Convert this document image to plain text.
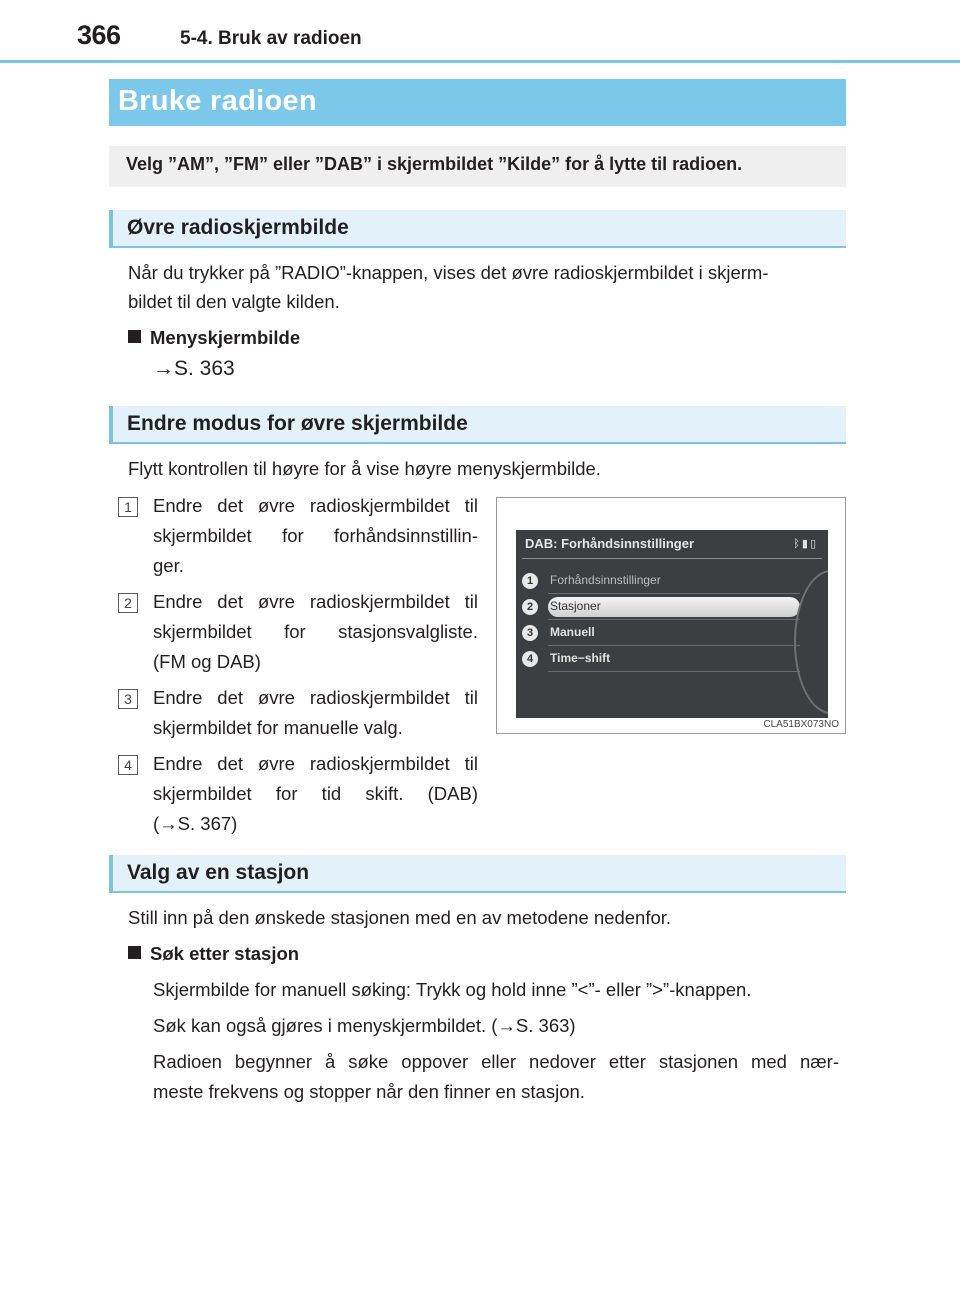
366	5-4. Bruk av radioen
Bruke radioen
Velg ”AM”, ”FM” eller ”DAB” i skjermbildet ”Kilde” for å lytte til radioen.
Øvre radioskjermbilde
Når du trykker på ”RADIO”-knappen, vises det øvre radioskjermbildet i skjerm-
bildet til den valgte kilden.
Menyskjermbilde
→S. 363
Endre modus for øvre skjermbilde
Flytt kontrollen til høyre for å vise høyre menyskjermbilde.
1	Endre det øvre radioskjermbildet til
skjermbildet for forhåndsinnstillin-
ger.
2	Endre det øvre radioskjermbildet til
skjermbildet for stasjonsvalgliste.
(FM og DAB)
3	Endre det øvre radioskjermbildet til
skjermbildet for manuelle valg.
4	Endre det øvre radioskjermbildet til
skjermbildet for tid skift. (DAB)
(→S. 367)
DAB: Forhåndsinnstillinger	ᛒ▮▯
1	Forhåndsinnstillinger
2	Stasjoner
3	Manuell
4	Time−shift
CLA51BX073NO
Valg av en stasjon
Still inn på den ønskede stasjonen med en av metodene nedenfor.
Søk etter stasjon
Skjermbilde for manuell søking: Trykk og hold inne ”<”- eller ”>”-knappen.
Søk kan også gjøres i menyskjermbildet. (→S. 363)
Radioen begynner å søke oppover eller nedover etter stasjonen med nær-
meste frekvens og stopper når den finner en stasjon.
